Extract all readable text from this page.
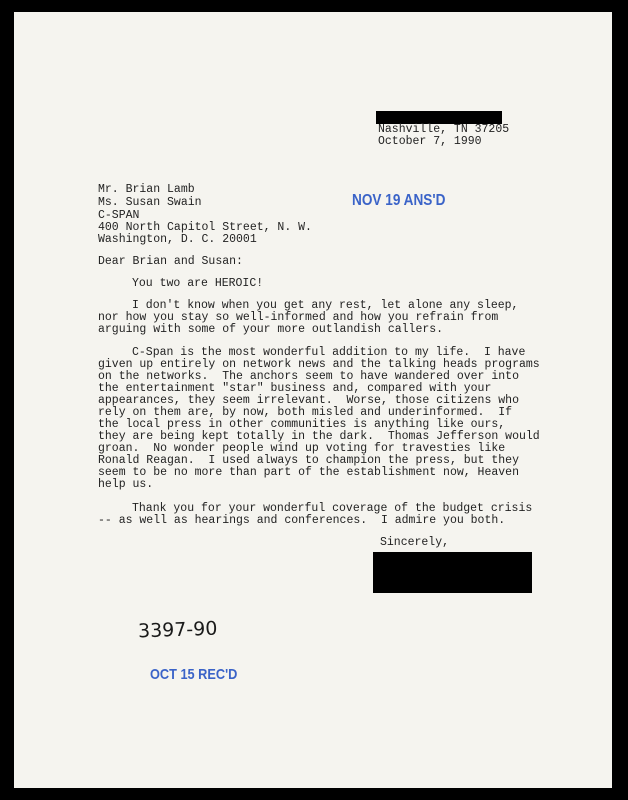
Nashville, TN 37205
October 7, 1990
Mr. Brian Lamb
Ms. Susan Swain
C-SPAN
400 North Capitol Street, N. W.
Washington, D. C. 20001
NOV 19 ANS'D
Dear Brian and Susan:
You two are HEROIC!
I don't know when you get any rest, let alone any sleep,
nor how you stay so well-informed and how you refrain from
arguing with some of your more outlandish callers.
C-Span is the most wonderful addition to my life.  I have
given up entirely on network news and the talking heads programs
on the networks.  The anchors seem to have wandered over into
the entertainment "star" business and, compared with your
appearances, they seem irrelevant.  Worse, those citizens who
rely on them are, by now, both misled and underinformed.  If
the local press in other communities is anything like ours,
they are being kept totally in the dark.  Thomas Jefferson would
groan.  No wonder people wind up voting for travesties like
Ronald Reagan.  I used always to champion the press, but they
seem to be no more than part of the establishment now, Heaven
help us.
Thank you for your wonderful coverage of the budget crisis
-- as well as hearings and conferences.  I admire you both.
Sincerely,
3397-90
OCT 15 REC'D
